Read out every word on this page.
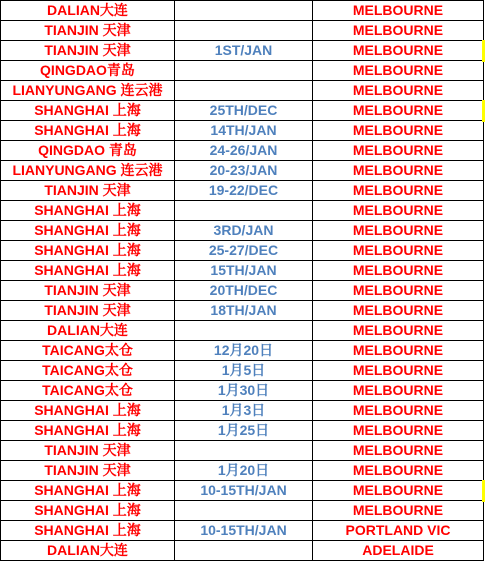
DALIAN大连		MELBOURNE
TIANJIN 天津		MELBOURNE
TIANJIN 天津	1ST/JAN	MELBOURNE
QINGDAO青岛		MELBOURNE
LIANYUNGANG 连云港		MELBOURNE
SHANGHAI 上海	25TH/DEC	MELBOURNE
SHANGHAI 上海	14TH/JAN	MELBOURNE
QINGDAO 青岛	24-26/JAN	MELBOURNE
LIANYUNGANG 连云港	20-23/JAN	MELBOURNE
TIANJIN 天津	19-22/DEC	MELBOURNE
SHANGHAI 上海		MELBOURNE
SHANGHAI 上海	3RD/JAN	MELBOURNE
SHANGHAI 上海	25-27/DEC	MELBOURNE
SHANGHAI 上海	15TH/JAN	MELBOURNE
TIANJIN 天津	20TH/DEC	MELBOURNE
TIANJIN 天津	18TH/JAN	MELBOURNE
DALIAN大连		MELBOURNE
TAICANG太仓	12月20日	MELBOURNE
TAICANG太仓	1月5日	MELBOURNE
TAICANG太仓	1月30日	MELBOURNE
SHANGHAI 上海	1月3日	MELBOURNE
SHANGHAI 上海	1月25日	MELBOURNE
TIANJIN 天津		MELBOURNE
TIANJIN 天津	1月20日	MELBOURNE
SHANGHAI 上海	10-15TH/JAN	MELBOURNE
SHANGHAI 上海		MELBOURNE
SHANGHAI 上海	10-15TH/JAN	PORTLAND VIC
DALIAN大连		ADELAIDE
